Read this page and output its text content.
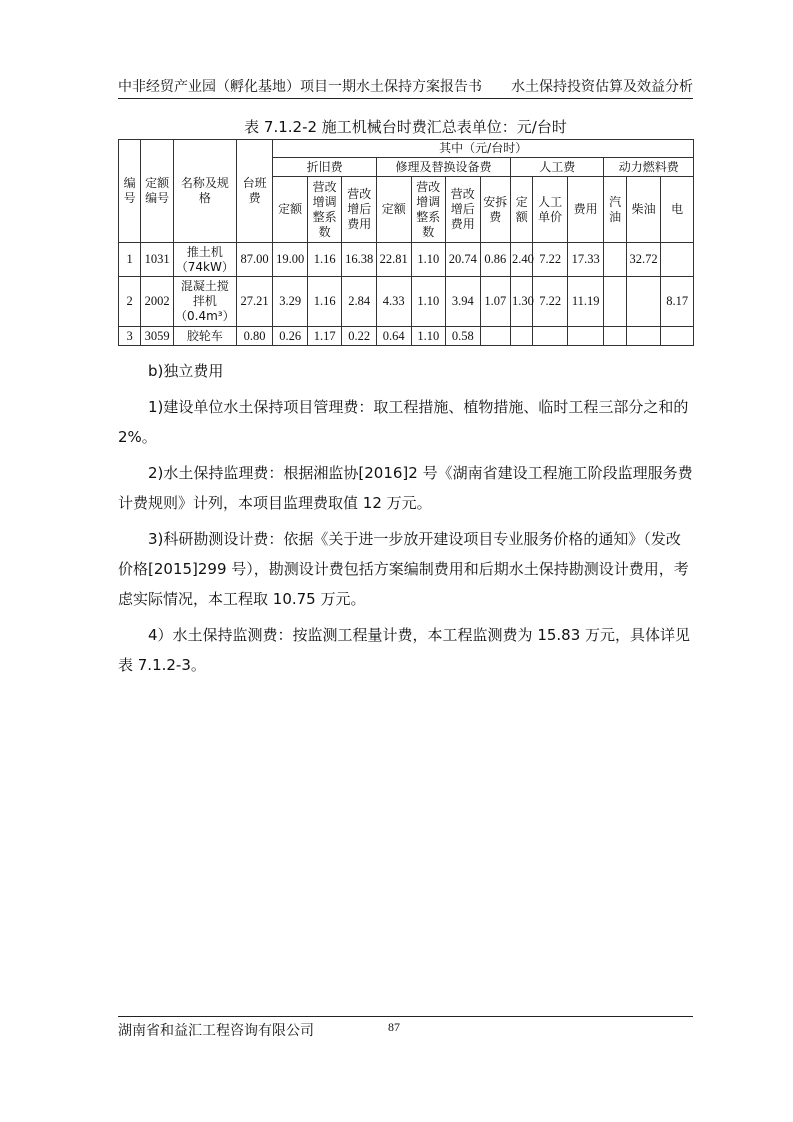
中非经贸产业园（孵化基地）项目一期水土保持方案报告书 水土保持投资估算及效益分析
表 7.1.2-2 施工机械台时费汇总表单位：元/台时
编号	定额编号	名称及规格	台班费	其中（元/台时）												
				折旧费			修理及替换设备费				人工费			动力燃料费		
				定额	营改增调整系数	营改增后费用	定额	营改增调整系数	营改增后费用	安拆费	定额	人工单价	费用	汽油	柴油	电
1	1031	推土机（74kW）	87.00	19.00	1.16	16.38	22.81	1.10	20.74	0.86	2.40	7.22	17.33		32.72	
2	2002	混凝土搅拌机（0.4m³）	27.21	3.29	1.16	2.84	4.33	1.10	3.94	1.07	1.30	7.22	11.19			8.17
3	3059	胶轮车	0.80	0.26	1.17	0.22	0.64	1.10	0.58							

b)独立费用

1)建设单位水土保持项目管理费：取工程措施、植物措施、临时工程三部分之和的 2%。

2)水土保持监理费：根据湘监协[2016]2 号《湖南省建设工程施工阶段监理服务费计费规则》计列，本项目监理费取值 12 万元。

3)科研勘测设计费：依据《关于进一步放开建设项目专业服务价格的通知》（发改价格[2015]299 号），勘测设计费包括方案编制费用和后期水土保持勘测设计费用，考虑实际情况，本工程取 10.75 万元。

4）水土保持监测费：按监测工程量计费，本工程监测费为 15.83 万元，具体详见表 7.1.2-3。

湖南省和益汇工程咨询有限公司	87
